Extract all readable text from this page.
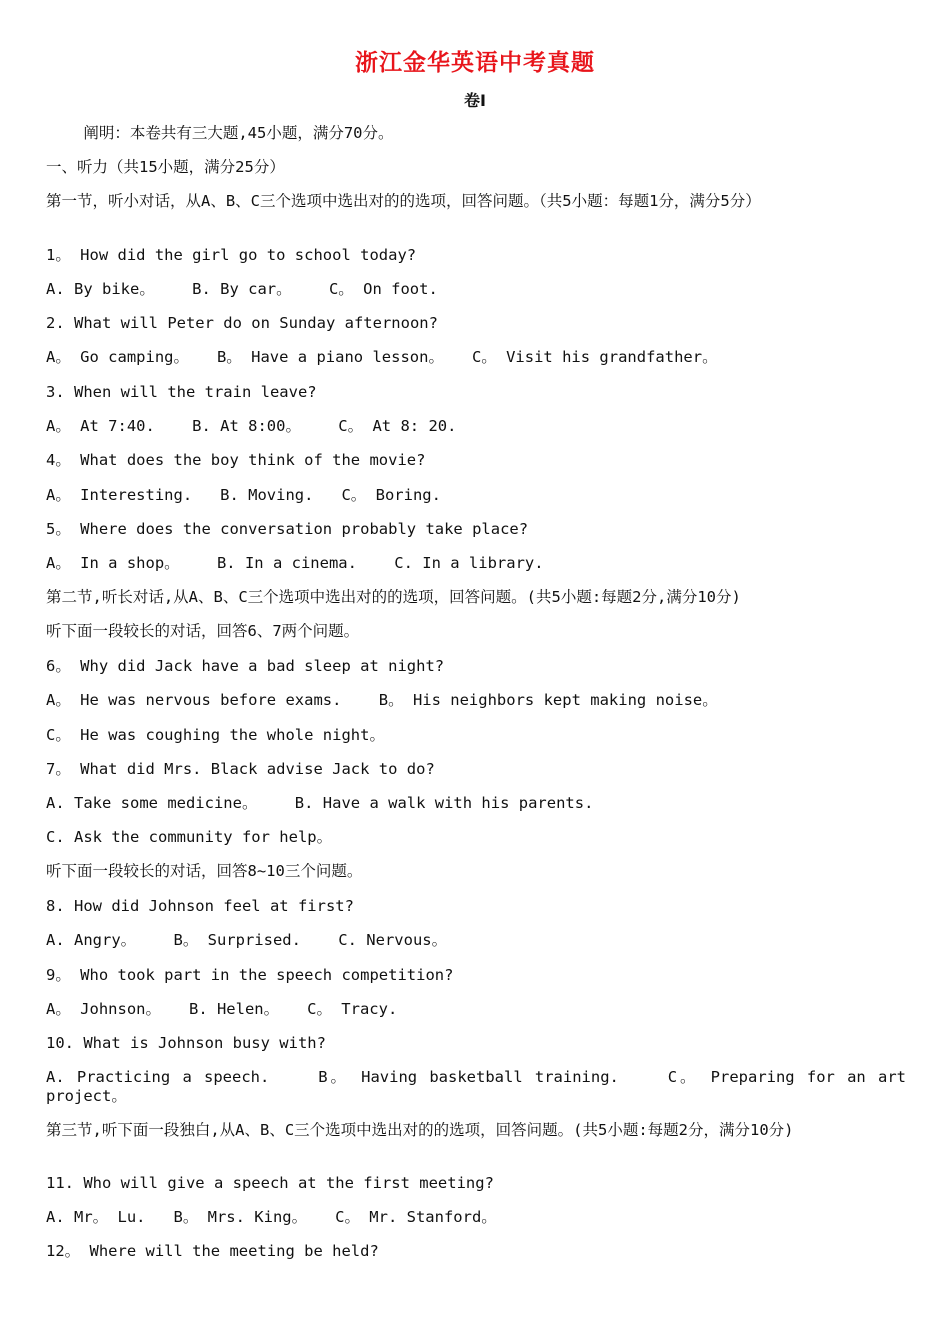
浙江金华英语中考真题
卷Ⅰ
阐明：本卷共有三大题,45小题，满分70分。
一、听力（共15小题，满分25分）
第一节，听小对话，从A、B、C三个选项中选出对的的选项，回答问题。（共5小题：每题1分，满分5分）
1。 How did the girl go to school today?
A. By bike。    B. By car。    C。 On foot.
2. What will Peter do on Sunday afternoon?
A。 Go camping。   B。 Have a piano lesson。   C。 Visit his grandfather。
3. When will the train leave?
A。 At 7:40.    B. At 8:00。    C。 At 8: 20.
4。 What does the boy think of the movie?
A。 Interesting.   B. Moving.   C。 Boring.
5。 Where does the conversation probably take place?
A。 In a shop。    B. In a cinema.    C. In a library.
第二节,听长对话,从A、B、C三个选项中选出对的的选项，回答问题。(共5小题:每题2分,满分10分)
听下面一段较长的对话，回答6、7两个问题。
6。 Why did Jack have a bad sleep at night?
A。 He was nervous before exams.    B。 His neighbors kept making noise。
C。 He was coughing the whole night。
7。 What did Mrs. Black advise Jack to do?
A. Take some medicine。    B. Have a walk with his parents.
C. Ask the community for help。
听下面一段较长的对话，回答8~10三个问题。
8. How did Johnson feel at first?
A. Angry。    B。 Surprised.    C. Nervous。
9。 Who took part in the speech competition?
A。 Johnson。   B. Helen。   C。 Tracy.
10. What is Johnson busy with?
A. Practicing a speech.    B。 Having basketball training.    C。 Preparing for an art project。
第三节,听下面一段独白,从A、B、C三个选项中选出对的的选项，回答问题。(共5小题:每题2分，满分10分)
11. Who will give a speech at the first meeting?
A. Mr。 Lu.   B。 Mrs. King。   C。 Mr. Stanford。
12。 Where will the meeting be held?
